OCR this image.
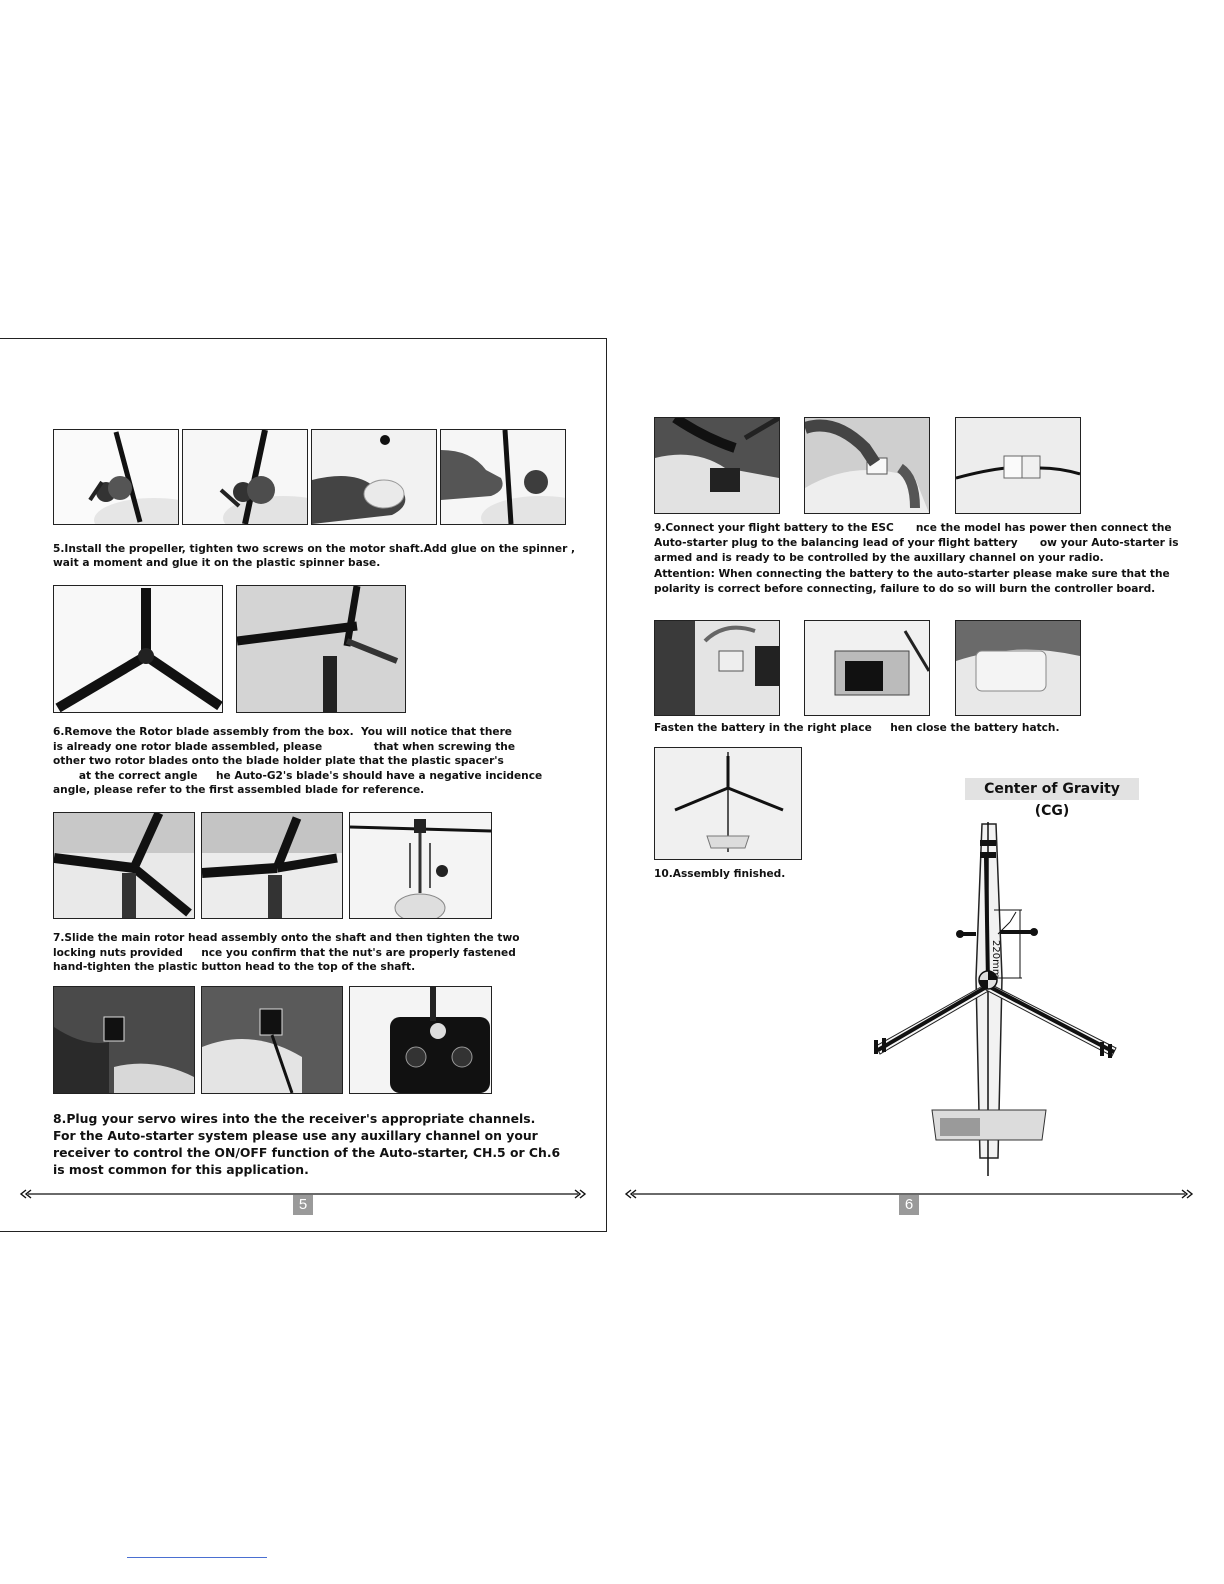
5.Install the propeller, tighten two screws on the motor shaft.Add glue on the spinner ,
wait a moment and glue it on the plastic spinner base.
6.Remove the Rotor blade assembly from the box.  You will notice that there
is already one rotor blade assembled, please              that when screwing the
other two rotor blades onto the blade holder plate that the plastic spacer's
at the correct angle     he Auto-G2's blade's should have a negative incidence
angle, please refer to the first assembled blade for reference.
7.Slide the main rotor head assembly onto the shaft and then tighten the two
locking nuts provided     nce you confirm that the nut's are properly fastened
hand-tighten the plastic button head to the top of the shaft.
8.Plug your servo wires into the the receiver's appropriate channels.
For the Auto-starter system please use any auxillary channel on your
receiver to control the ON/OFF function of the Auto-starter, CH.5 or Ch.6
is most common for this application.
5
9.Connect your flight battery to the ESC      nce the model has power then connect the
Auto-starter plug to the balancing lead of your flight battery      ow your Auto-starter is
armed and is ready to be controlled by the auxillary channel on your radio.
Attention: When connecting the battery to the auto-starter please make sure that the
polarity is correct before connecting, failure to do so will burn the controller board.
Fasten the battery in the right place     hen close the battery hatch.
10.Assembly finished.
Center of Gravity (CG)
220mm
6
